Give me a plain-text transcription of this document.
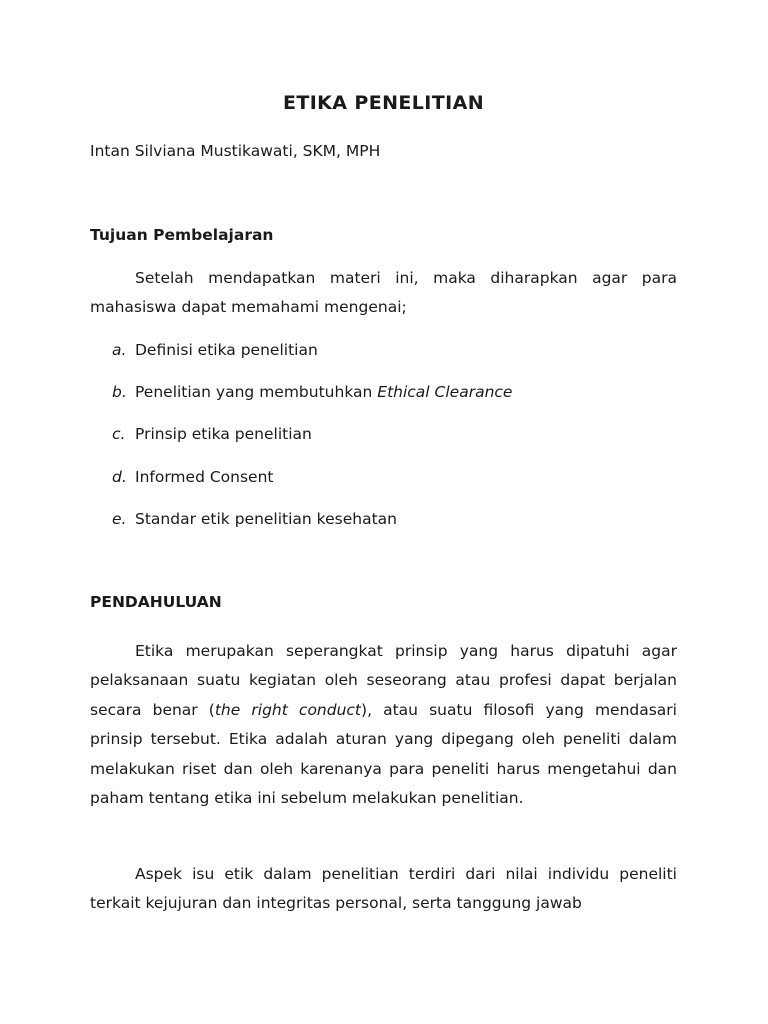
ETIKA PENELITIAN
Intan Silviana Mustikawati, SKM, MPH
Tujuan Pembelajaran

Setelah mendapatkan materi ini, maka diharapkan agar para mahasiswa dapat memahami mengenai;

a. Definisi etika penelitian
b. Penelitian yang membutuhkan Ethical Clearance
c. Prinsip etika penelitian
d. Informed Consent
e. Standar etik penelitian kesehatan
PENDAHULUAN

Etika merupakan seperangkat prinsip yang harus dipatuhi agar pelaksanaan suatu kegiatan oleh seseorang atau profesi dapat berjalan secara benar (the right conduct), atau suatu filosofi yang mendasari prinsip tersebut. Etika adalah aturan yang dipegang oleh peneliti dalam melakukan riset dan oleh karenanya para peneliti harus mengetahui dan paham tentang etika ini sebelum melakukan penelitian.

Aspek isu etik dalam penelitian terdiri dari nilai individu peneliti terkait kejujuran dan integritas personal, serta tanggung jawab
